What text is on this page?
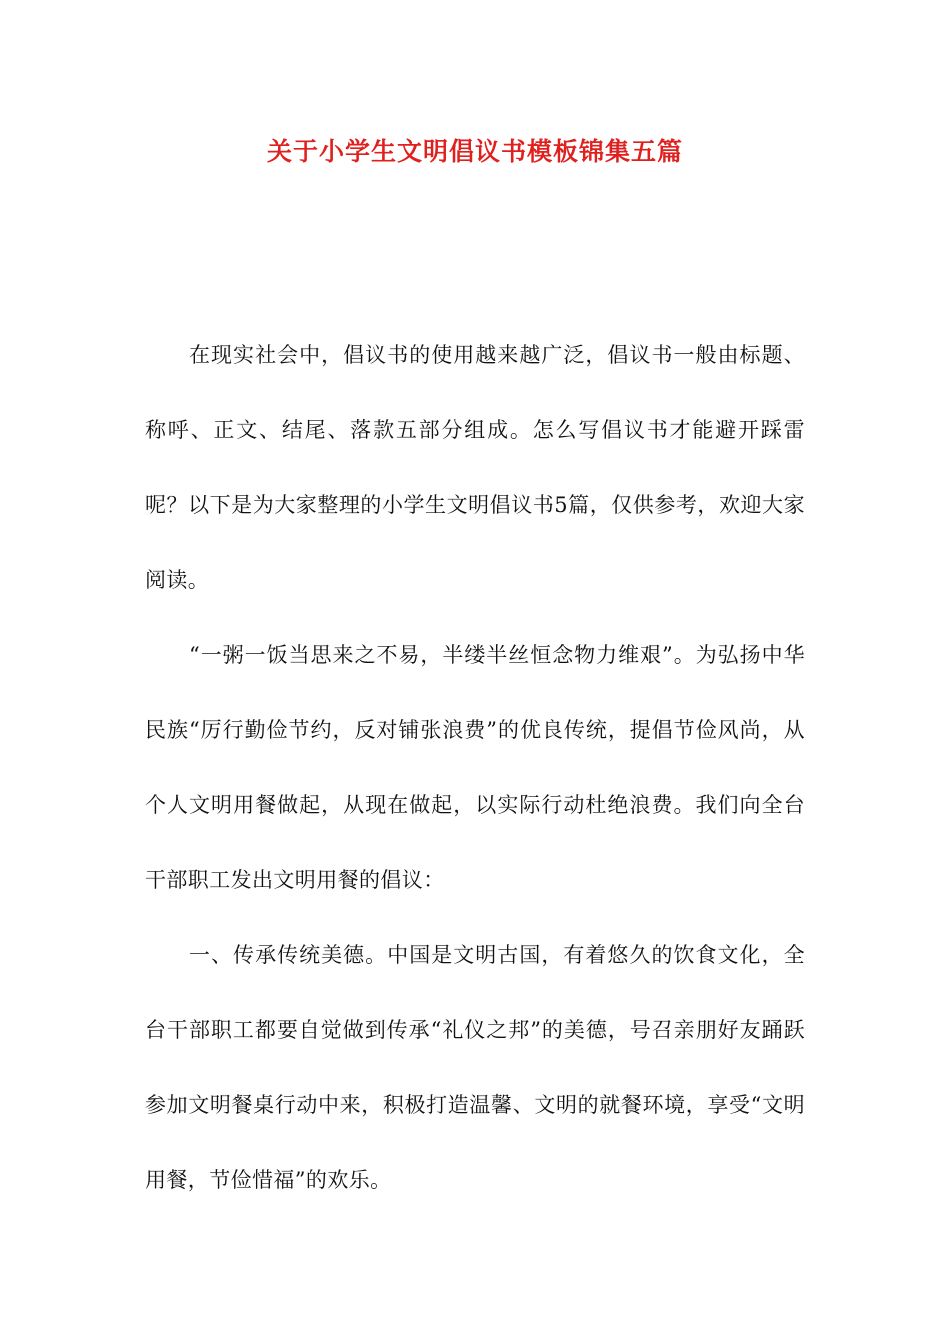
关于小学生文明倡议书模板锦集五篇

在现实社会中，倡议书的使用越来越广泛，倡议书一般由标题、称呼、正文、结尾、落款五部分组成。怎么写倡议书才能避开踩雷呢？以下是为大家整理的小学生文明倡议书5篇，仅供参考，欢迎大家阅读。

“一粥一饭当思来之不易，半缕半丝恒念物力维艰”。为弘扬中华民族“厉行勤俭节约，反对铺张浪费”的优良传统，提倡节俭风尚，从个人文明用餐做起，从现在做起，以实际行动杜绝浪费。我们向全台干部职工发出文明用餐的倡议：

一、传承传统美德。中国是文明古国，有着悠久的饮食文化，全台干部职工都要自觉做到传承“礼仪之邦”的美德，号召亲朋好友踊跃参加文明餐桌行动中来，积极打造温馨、文明的就餐环境，享受“文明用餐，节俭惜福”的欢乐。
